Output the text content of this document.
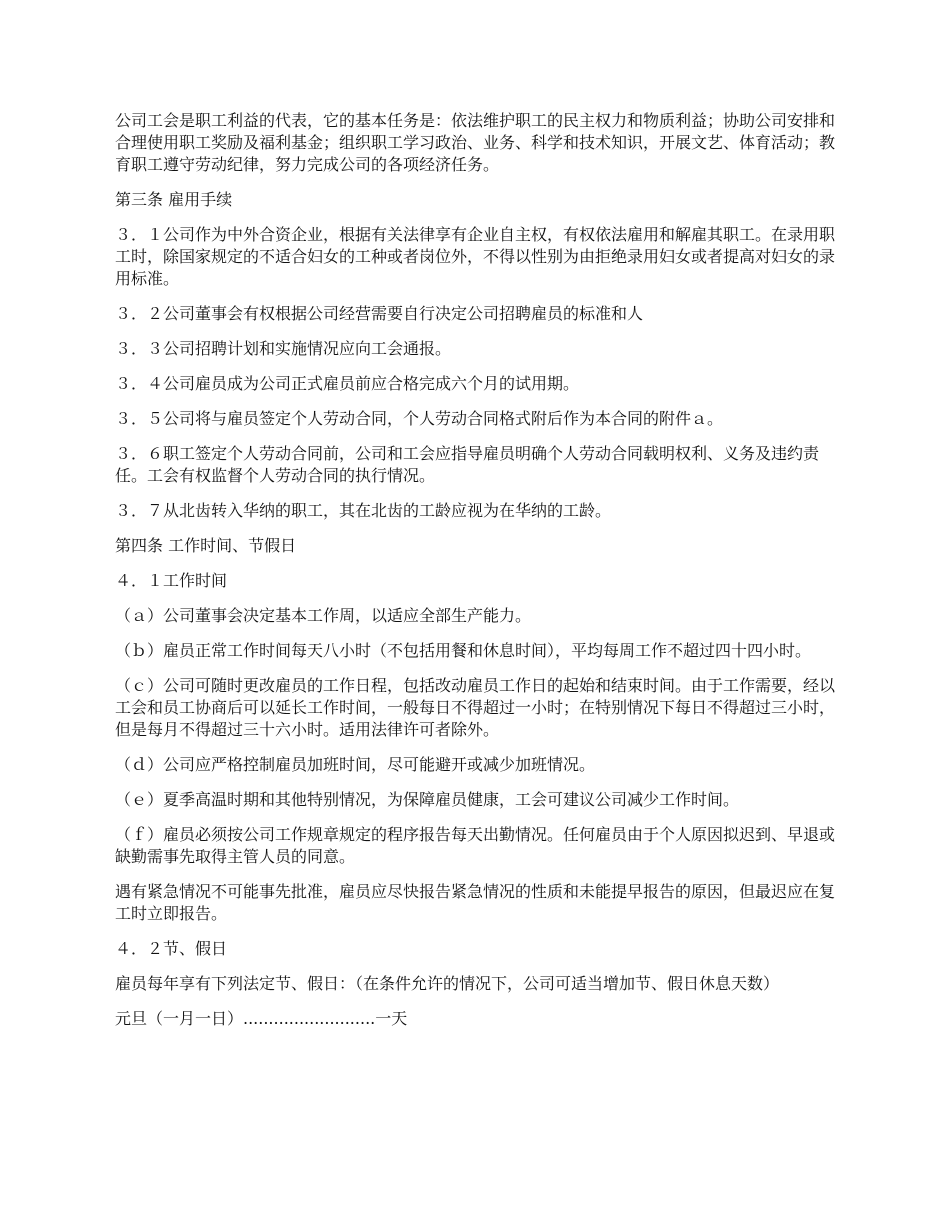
公司工会是职工利益的代表，它的基本任务是：依法维护职工的民主权力和物质利益；协助公司安排和合理使用职工奖励及福利基金；组织职工学习政治、业务、科学和技术知识，开展文艺、体育活动；教育职工遵守劳动纪律，努力完成公司的各项经济任务。

第三条 雇用手续

３．１公司作为中外合资企业，根据有关法律享有企业自主权，有权依法雇用和解雇其职工。在录用职工时，除国家规定的不适合妇女的工种或者岗位外，不得以性别为由拒绝录用妇女或者提高对妇女的录用标准。

３．２公司董事会有权根据公司经营需要自行决定公司招聘雇员的标准和人

３．３公司招聘计划和实施情况应向工会通报。

３．４公司雇员成为公司正式雇员前应合格完成六个月的试用期。

３．５公司将与雇员签定个人劳动合同，个人劳动合同格式附后作为本合同的附件ａ。

３．６职工签定个人劳动合同前，公司和工会应指导雇员明确个人劳动合同载明权利、义务及违约责任。工会有权监督个人劳动合同的执行情况。

３．７从北齿转入华纳的职工，其在北齿的工龄应视为在华纳的工龄。

第四条 工作时间、节假日

４．１工作时间

（ａ）公司董事会决定基本工作周，以适应全部生产能力。

（ｂ）雇员正常工作时间每天八小时（不包括用餐和休息时间），平均每周工作不超过四十四小时。

（ｃ）公司可随时更改雇员的工作日程，包括改动雇员工作日的起始和结束时间。由于工作需要，经以工会和员工协商后可以延长工作时间，一般每日不得超过一小时；在特别情况下每日不得超过三小时，但是每月不得超过三十六小时。适用法律许可者除外。

（ｄ）公司应严格控制雇员加班时间，尽可能避开或减少加班情况。

（ｅ）夏季高温时期和其他特别情况，为保障雇员健康，工会可建议公司减少工作时间。

（ｆ）雇员必须按公司工作规章规定的程序报告每天出勤情况。任何雇员由于个人原因拟迟到、早退或缺勤需事先取得主管人员的同意。

遇有紧急情况不可能事先批准，雇员应尽快报告紧急情况的性质和未能提早报告的原因，但最迟应在复工时立即报告。

４．２节、假日

雇员每年享有下列法定节、假日：（在条件允许的情况下，公司可适当增加节、假日休息天数）

元旦（一月一日）..........................一天
